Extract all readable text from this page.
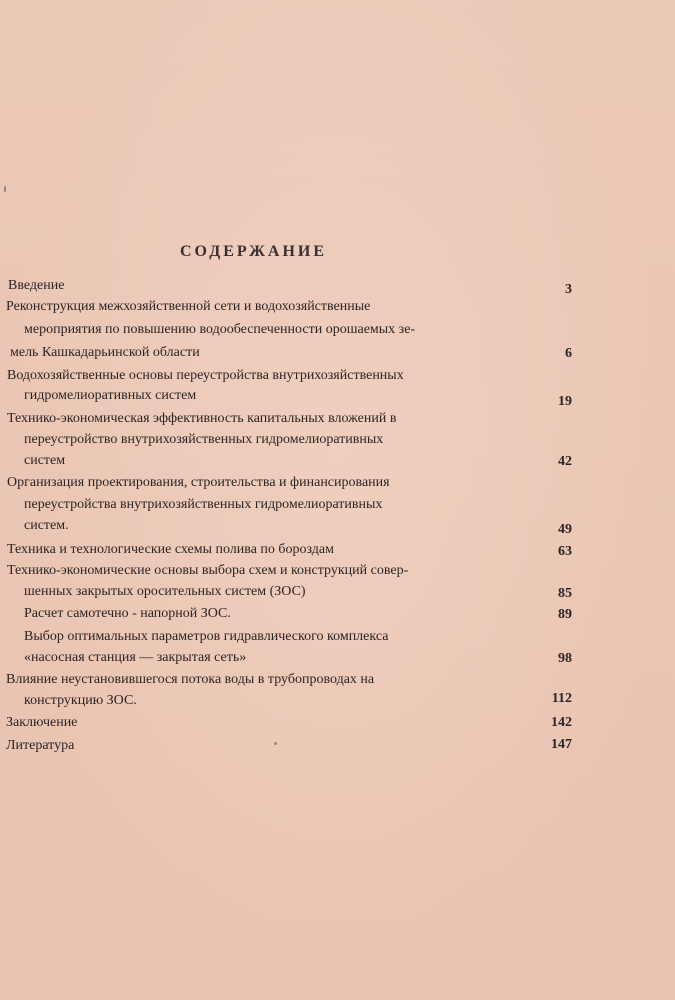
СОДЕРЖАНИЕ
Введение	3
Реконструкция межхозяйственной сети и водохозяйственные
мероприятия по повышению водообеспеченности орошаемых зе-
мель Кашкадарьинской области	6
Водохозяйственные основы переустройства внутрихозяйственных
гидромелиоративных систем	19
Технико-экономическая эффективность капитальных вложений в
переустройство внутрихозяйственных гидромелиоративных
систем	42
Организация проектирования, строительства и финансирования
переустройства внутрихозяйственных гидромелиоративных
систем.	49
Техника и технологические схемы полива по бороздам	63
Технико-экономические основы выбора схем и конструкций совер-
шенных закрытых оросительных систем (ЗОС)	85
Расчет самотечно - напорной ЗОС.	89
Выбор оптимальных параметров гидравлического комплекса
«насосная станция — закрытая сеть»	98
Влияние неустановившегося потока воды в трубопроводах на
конструкцию ЗОС.	112
Заключение	142
Литература	147
